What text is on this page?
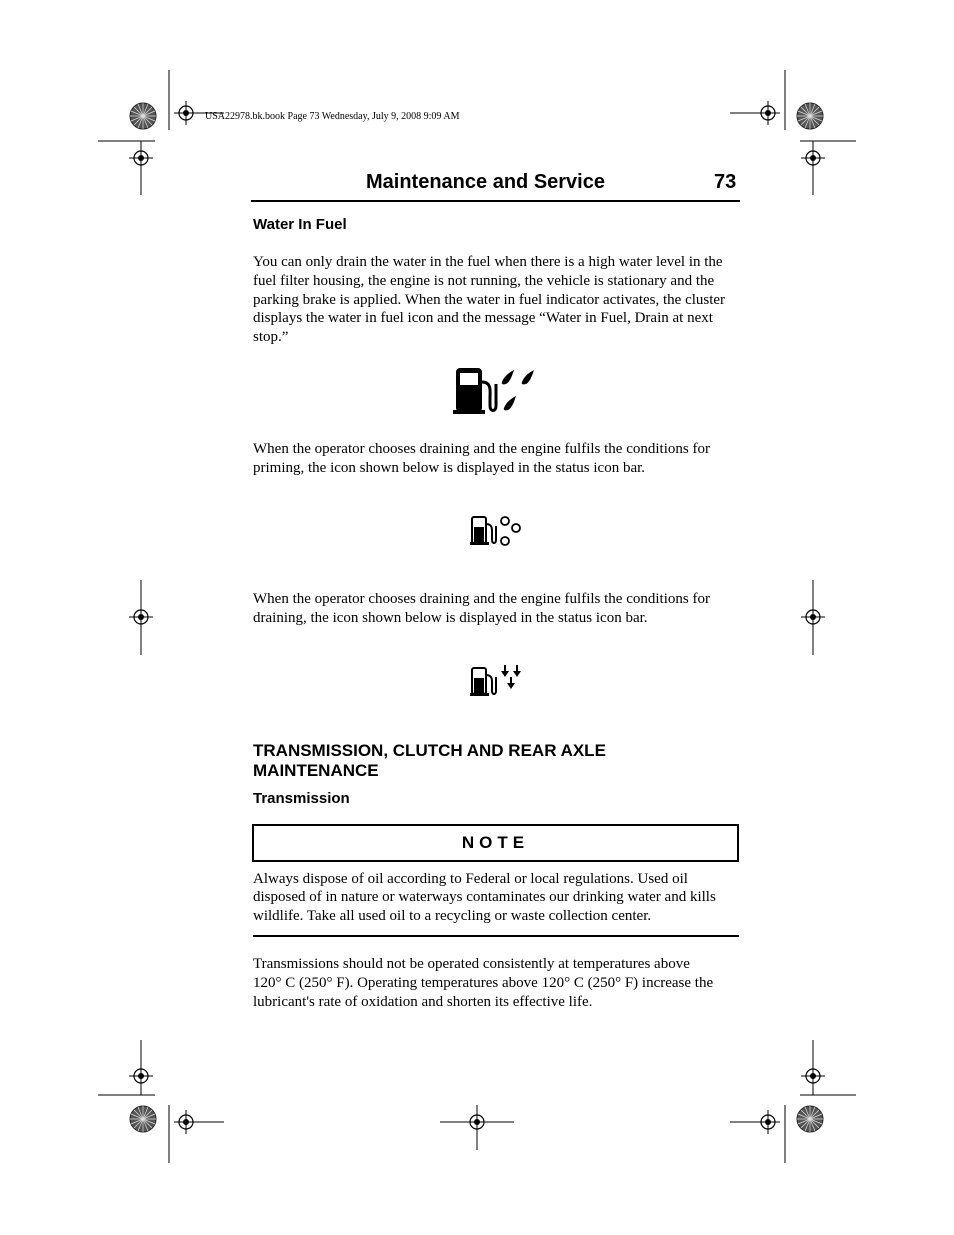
USA22978.bk.book Page 73 Wednesday, July 9, 2008 9:09 AM
Maintenance and Service	73
Water In Fuel
You can only drain the water in the fuel when there is a high water level in the
fuel filter housing, the engine is not running, the vehicle is stationary and the
parking brake is applied. When the water in fuel indicator activates, the cluster
displays the water in fuel icon and the message “Water in Fuel, Drain at next
stop.”
When the operator chooses draining and the engine fulfils the conditions for
priming, the icon shown below is displayed in the status icon bar.
When the operator chooses draining and the engine fulfils the conditions for
draining, the icon shown below is displayed in the status icon bar.
TRANSMISSION, CLUTCH AND REAR AXLE
MAINTENANCE
Transmission
NOTE
Always dispose of oil according to Federal or local regulations. Used oil
disposed of in nature or waterways contaminates our drinking water and kills
wildlife. Take all used oil to a recycling or waste collection center.
Transmissions should not be operated consistently at temperatures above
120° C (250° F). Operating temperatures above 120° C (250° F) increase the
lubricant's rate of oxidation and shorten its effective life.
